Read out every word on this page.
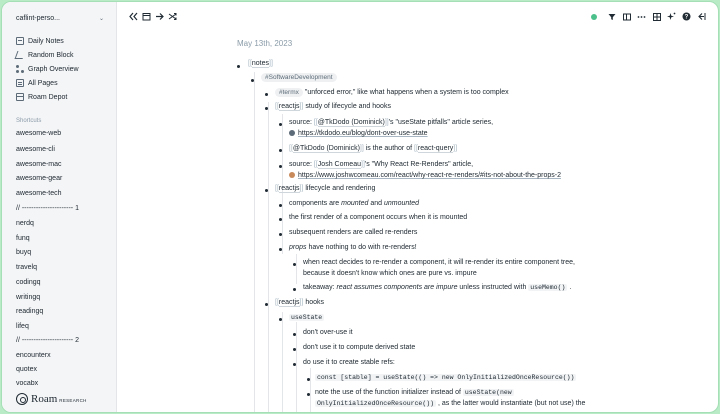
caflint-perso...	⌄
Daily Notes
Random Block
Graph Overview
All Pages
Roam Depot
Shortcuts
awesome-web
awesome-cli
awesome-mac
awesome-gear
awesome-tech
// ---------------------- 1
nerdq
funq
buyq
travelq
codingq
writingq
readingq
lifeq
// ---------------------- 2
encounterx
quotex
vocabx
Roam RESEARCH
?
May 13th, 2023
[[notes]]
#SoftwareDevelopment
#termx "unforced error," like what happens when a system is too complex
[[reactjs]] study of lifecycle and hooks
source: [[@TkDodo (Dominick)]]'s "useState pitfalls" article series,
https://tkdodo.eu/blog/dont-over-use-state
[[@TkDodo (Dominick)]] is the author of [[react-query]]
source: [[Josh Comeau]]'s "Why React Re-Renders" article,
https://www.joshwcomeau.com/react/why-react-re-renders/#its-not-about-the-props-2
[[reactjs]] lifecycle and rendering
components are mounted and unmounted
the first render of a component occurs when it is mounted
subsequent renders are called re-renders
props have nothing to do with re-renders!
when react decides to re-render a component, it will re-render its entire component tree,
because it doesn't know which ones are pure vs. impure
takeaway: react assumes components are impure unless instructed with useMemo() .
[[reactjs]] hooks
useState
don't over-use it
don't use it to compute derived state
do use it to create stable refs:
const [stable] = useState(() => new OnlyInitializedOnceResource())
note the use of the function initializer instead of useState(new
OnlyInitializedOnceResource()) , as the latter would instantiate (but not use) the
